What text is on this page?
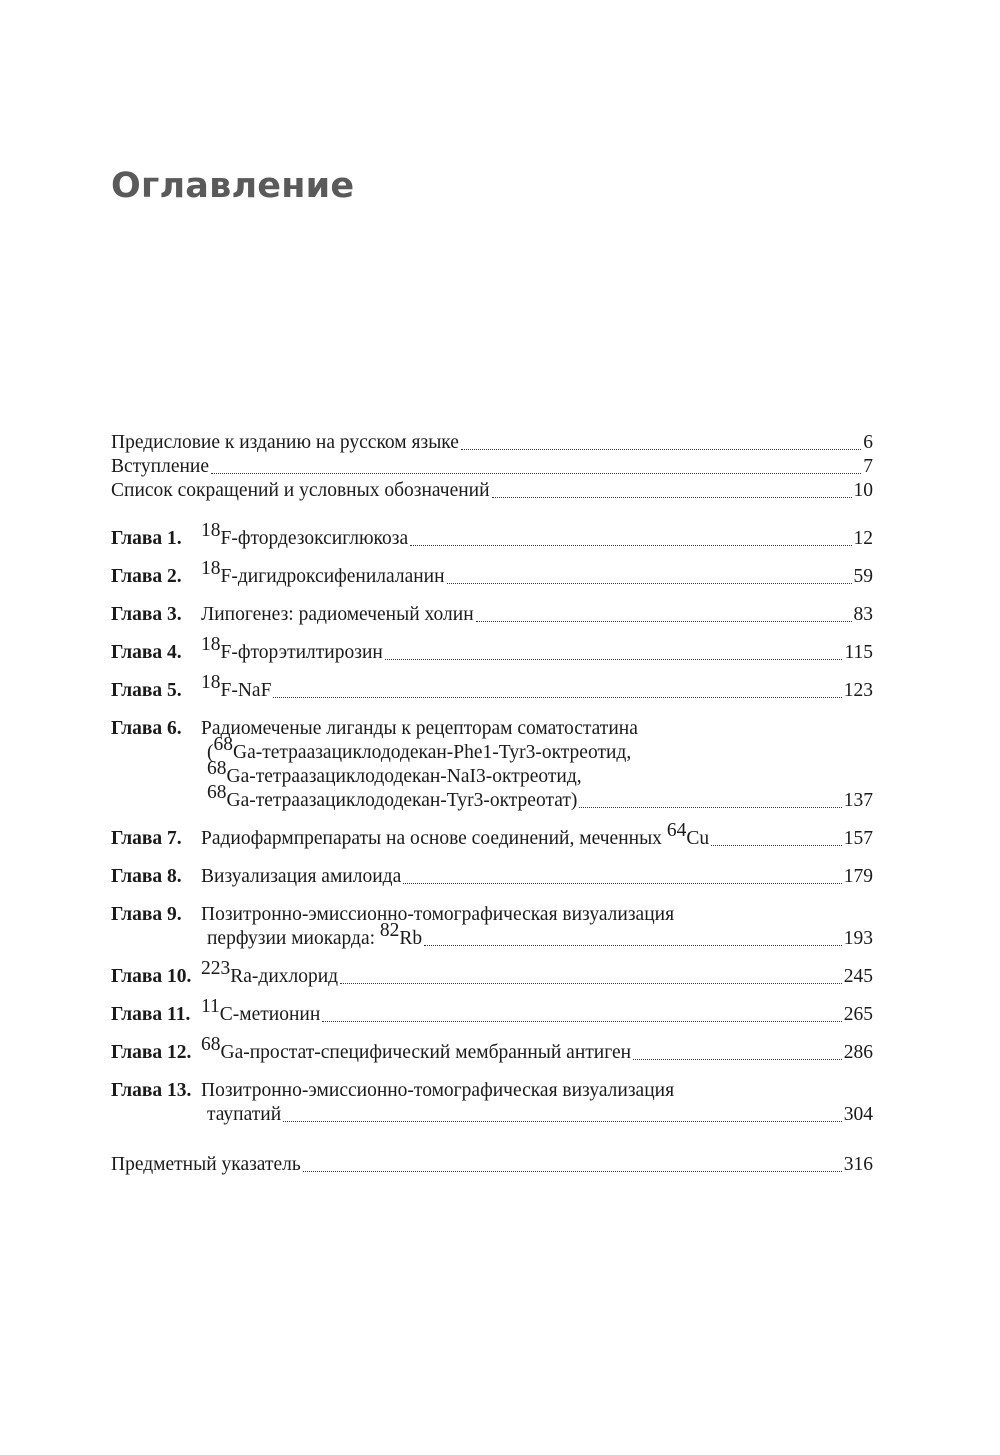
Оглавление
Предисловие к изданию на русском языке	6
Вступление	7
Список сокращений и условных обозначений	10
Глава 1. $^{18}$F-фтордезоксиглюкоза	12
Глава 2. $^{18}$F-дигидроксифенилаланин	59
Глава 3. Липогенез: радиомеченый холин	83
Глава 4. $^{18}$F-фторэтилтирозин	115
Глава 5. $^{18}$F-NaF	123
Глава 6. Радиомеченые лиганды к рецепторам соматостатина
($^{68}$Ga-тетраазациклододекан-Phe1-Tyr3-октреотид,
$^{68}$Ga-тетраазациклододекан-NaI3-октреотид,
$^{68}$Ga-тетраазациклододекан-Tyr3-октреотат)	137
Глава 7. Радиофармпрепараты на основе соединений, меченных $^{64}$Cu	157
Глава 8. Визуализация амилоида	179
Глава 9. Позитронно-эмиссионно-томографическая визуализация
перфузии миокарда: $^{82}$Rb	193
Глава 10. $^{223}$Ra-дихлорид	245
Глава 11. $^{11}$C-метионин	265
Глава 12. $^{68}$Ga-простат-специфический мембранный антиген	286
Глава 13. Позитронно-эмиссионно-томографическая визуализация
таупатий	304
Предметный указатель	316
